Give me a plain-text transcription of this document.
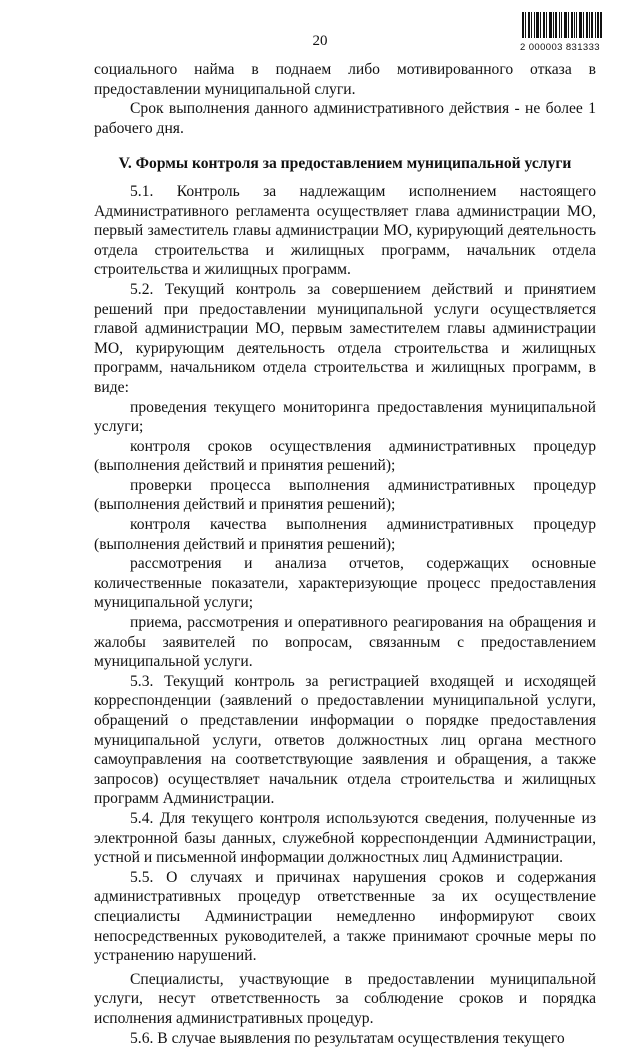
20	2 000003 831333

социального найма в поднаем либо мотивированного отказа в предоставлении муниципальной слуги.

Срок выполнения данного административного действия - не более 1 рабочего дня.

V. Формы контроля за предоставлением муниципальной услуги

5.1. Контроль за надлежащим исполнением настоящего Административного регламента осуществляет глава администрации МО, первый заместитель главы администрации МО, курирующий деятельность отдела строительства и жилищных программ, начальник отдела строительства и жилищных программ.

5.2. Текущий контроль за совершением действий и принятием решений при предоставлении муниципальной услуги осуществляется главой администрации МО, первым заместителем главы администрации МО, курирующим деятельность отдела строительства и жилищных программ, начальником отдела строительства и жилищных программ, в виде:

проведения текущего мониторинга предоставления муниципальной услуги;

контроля сроков осуществления административных процедур (выполнения действий и принятия решений);

проверки процесса выполнения административных процедур (выполнения действий и принятия решений);

контроля качества выполнения административных процедур (выполнения действий и принятия решений);

рассмотрения и анализа отчетов, содержащих основные количественные показатели, характеризующие процесс предоставления муниципальной услуги;

приема, рассмотрения и оперативного реагирования на обращения и жалобы заявителей по вопросам, связанным с предоставлением муниципальной услуги.

5.3. Текущий контроль за регистрацией входящей и исходящей корреспонденции (заявлений о предоставлении муниципальной услуги, обращений о представлении информации о порядке предоставления муниципальной услуги, ответов должностных лиц органа местного самоуправления на соответствующие заявления и обращения, а также запросов) осуществляет начальник отдела строительства и жилищных программ Администрации.

5.4. Для текущего контроля используются сведения, полученные из электронной базы данных, служебной корреспонденции Администрации, устной и письменной информации должностных лиц Администрации.

5.5. О случаях и причинах нарушения сроков и содержания административных процедур ответственные за их осуществление специалисты Администрации немедленно информируют своих непосредственных руководителей, а также принимают срочные меры по устранению нарушений.

Специалисты, участвующие в предоставлении муниципальной услуги, несут ответственность за соблюдение сроков и порядка исполнения административных процедур.

5.6. В случае выявления по результатам осуществления текущего
